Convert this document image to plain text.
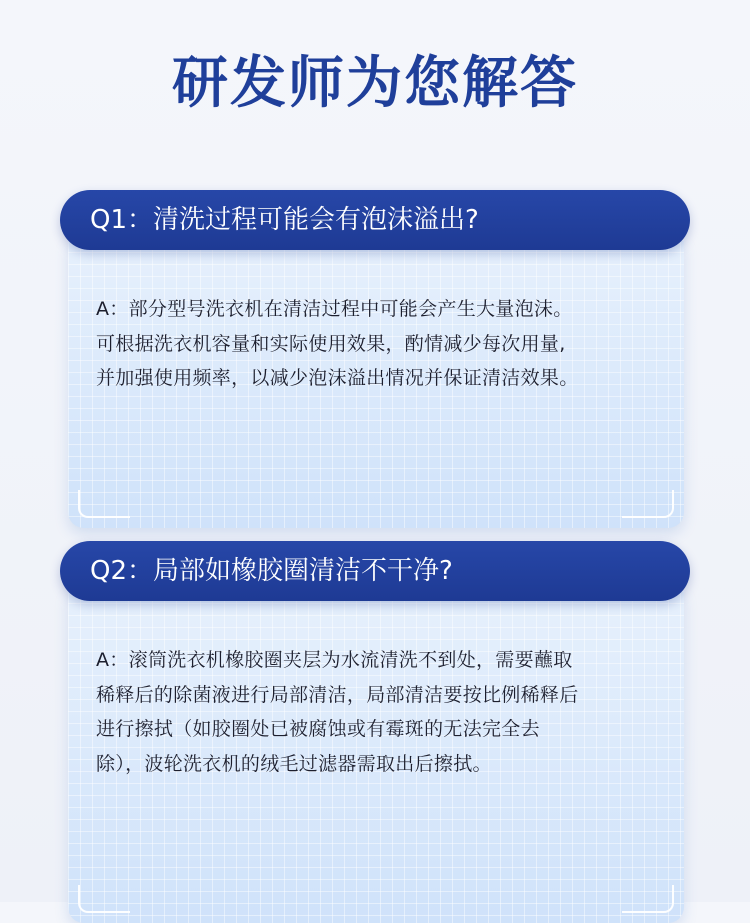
研发师为您解答
Q1：清洗过程可能会有泡沫溢出?
A：部分型号洗衣机在清洁过程中可能会产生大量泡沫。
可根据洗衣机容量和实际使用效果，酌情减少每次用量,
并加强使用频率，以减少泡沫溢出情况并保证清洁效果。
Q2：局部如橡胶圈清洁不干净?
A：滚筒洗衣机橡胶圈夹层为水流清洗不到处，需要蘸取
稀释后的除菌液进行局部清洁，局部清洁要按比例稀释后
进行擦拭（如胶圈处已被腐蚀或有霉斑的无法完全去
除），波轮洗衣机的绒毛过滤器需取出后擦拭。
